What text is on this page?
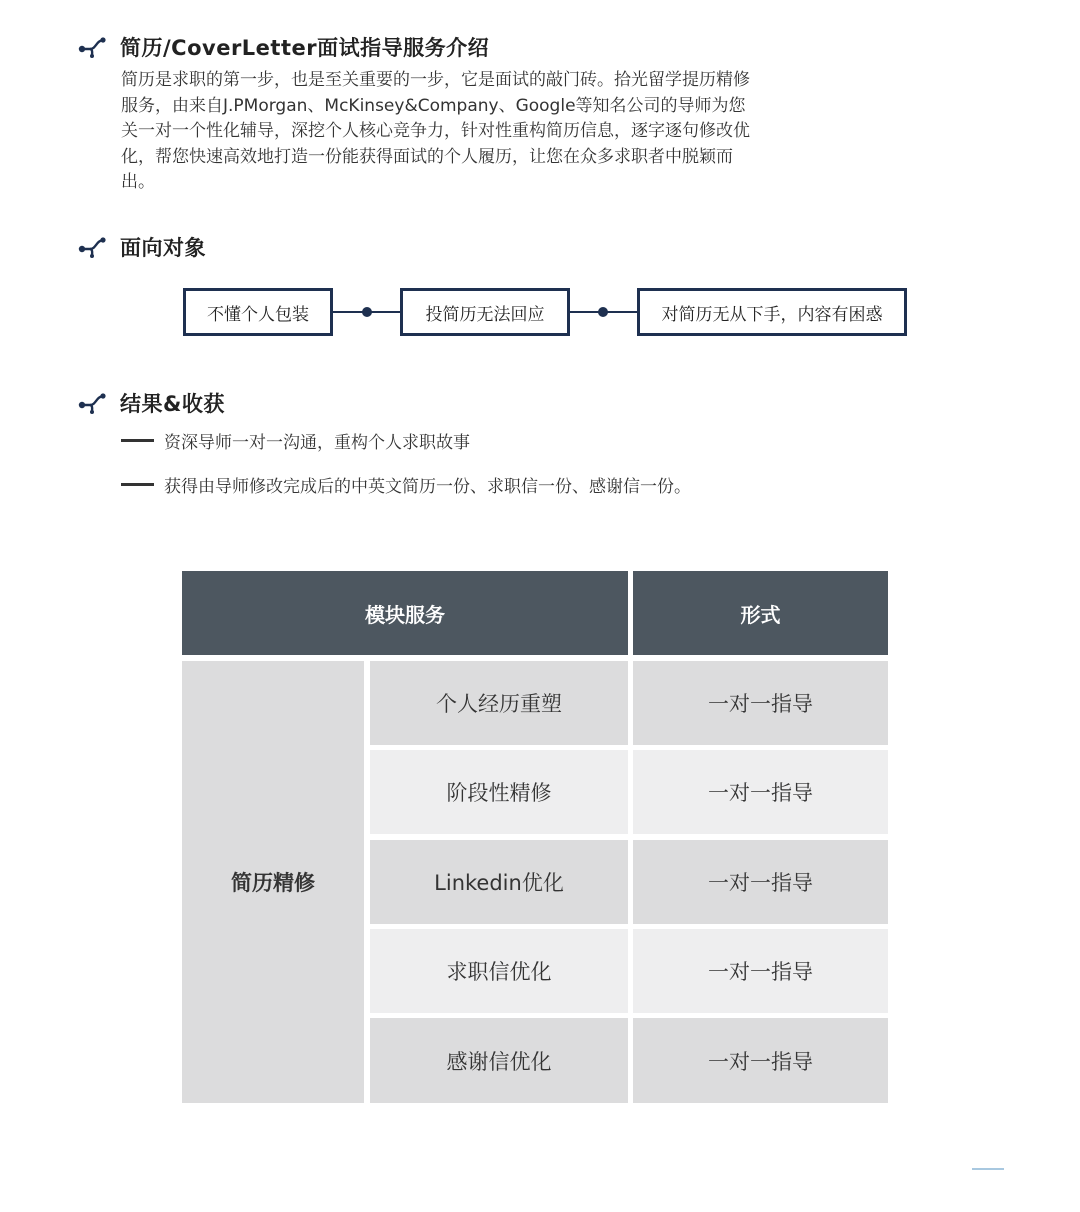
简历/CoverLetter面试指导服务介绍

简历是求职的第一步，也是至关重要的一步，它是面试的敲门砖。拾光留学提历精修服务，由来自J.PMorgan、McKinsey&Company、Google等知名公司的导师为您关一对一个性化辅导，深挖个人核心竞争力，针对性重构简历信息，逐字逐句修改优化，帮您快速高效地打造一份能获得面试的个人履历，让您在众多求职者中脱颖而出。

面向对象
不懂个人包装	投简历无法回应	对简历无从下手，内容有困惑
结果&收获
资深导师一对一沟通，重构个人求职故事
获得由导师修改完成后的中英文简历一份、求职信一份、感谢信一份。
模块服务	形式
简历精修
个人经历重塑	一对一指导
阶段性精修	一对一指导
Linkedin优化	一对一指导
求职信优化	一对一指导
感谢信优化	一对一指导
